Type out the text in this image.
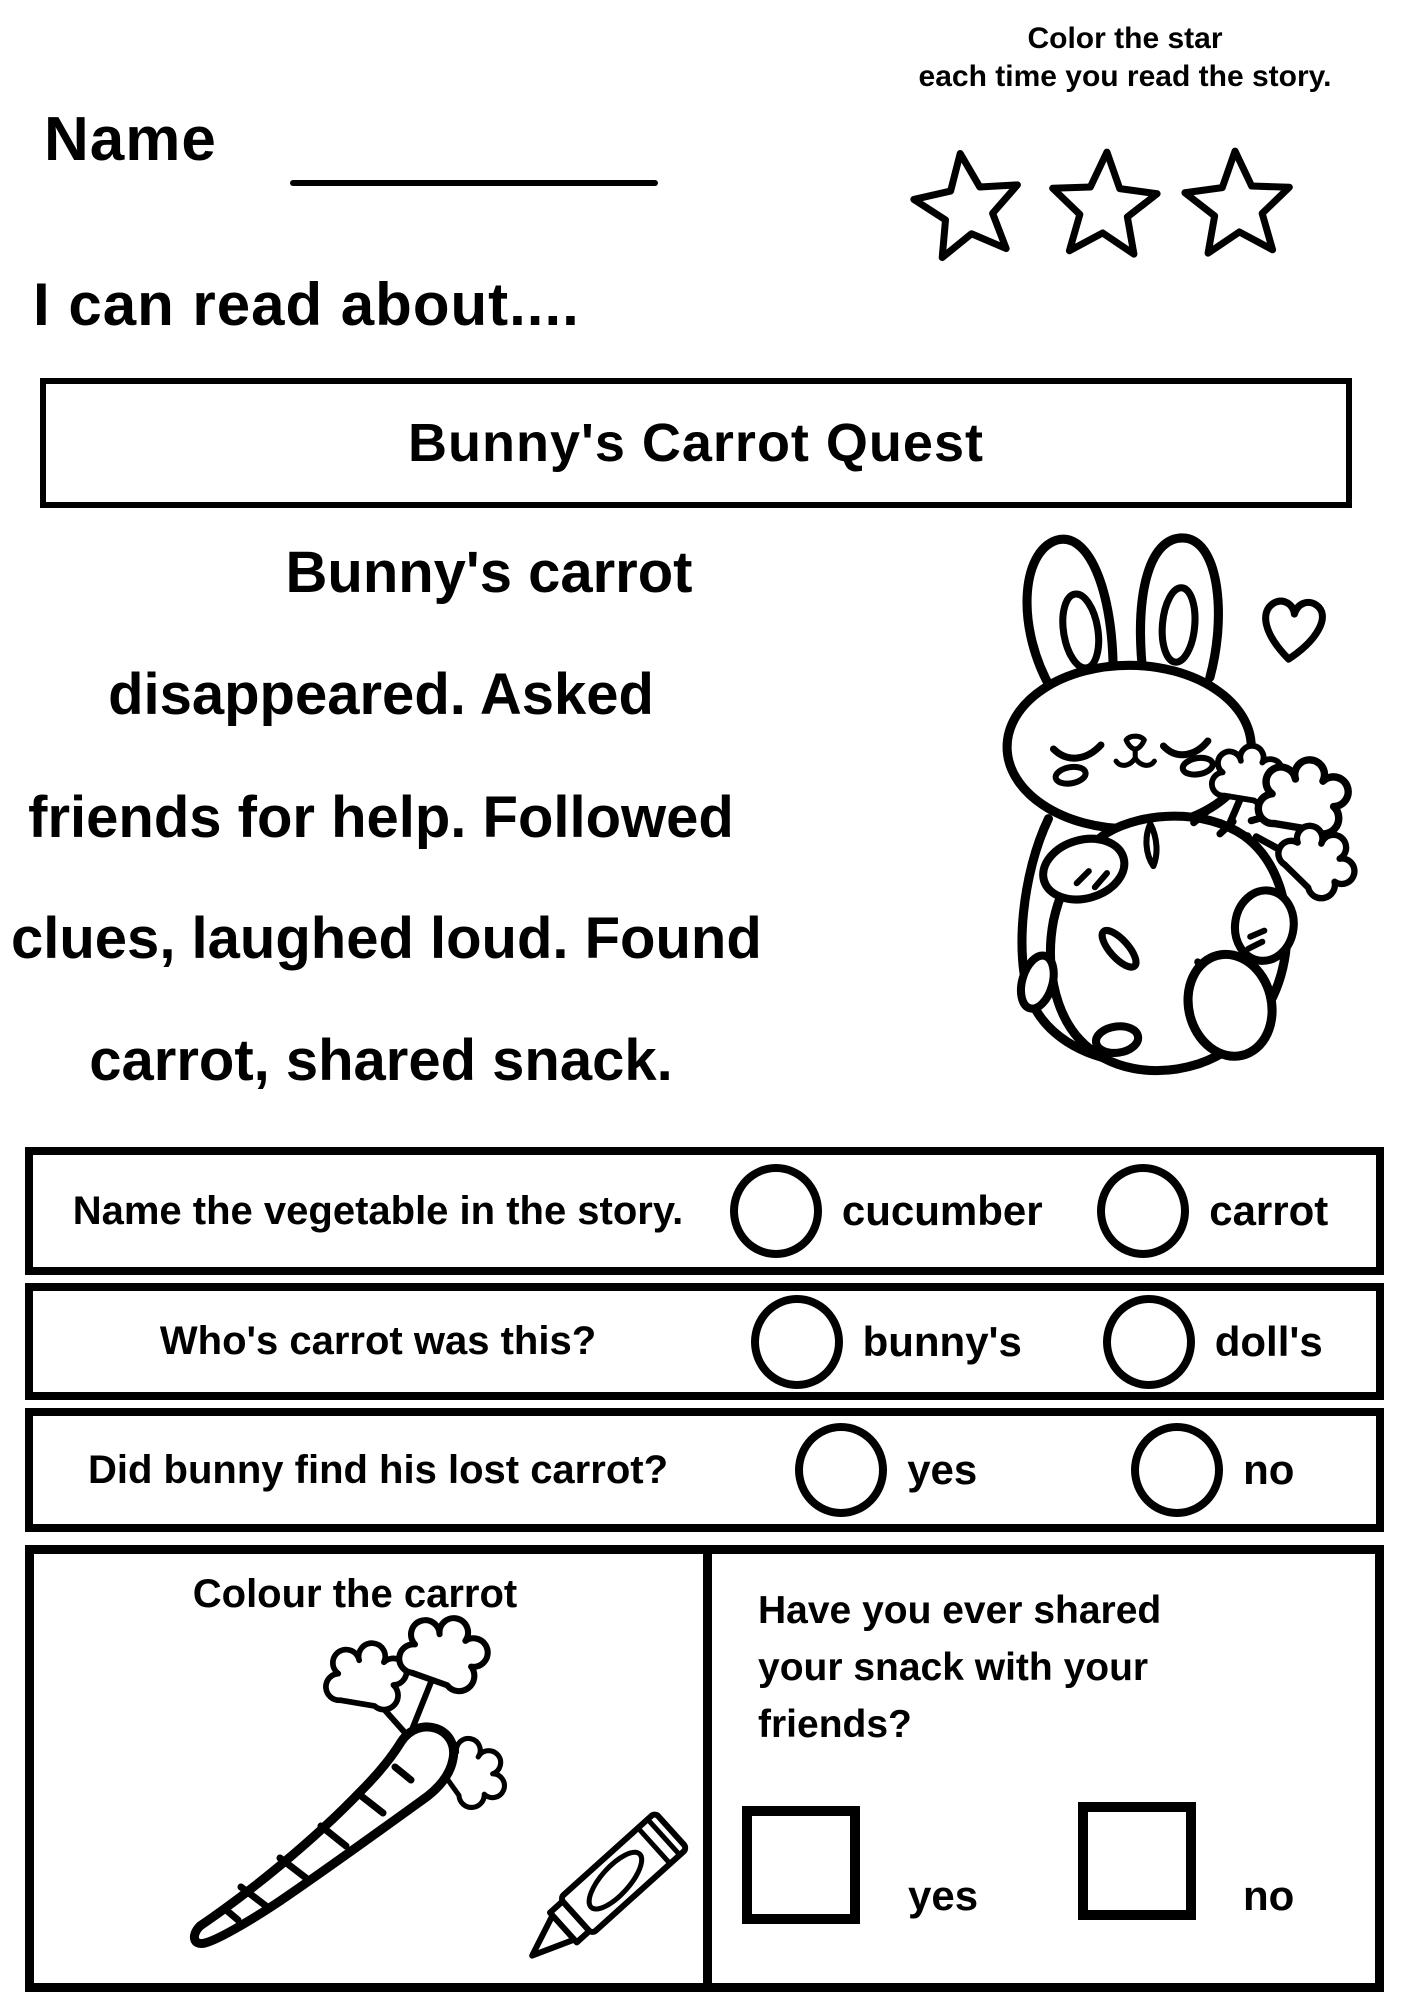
Name
Color the star
each time you read the story.
I can read about....
Bunny's Carrot Quest
Bunny's carrot
disappeared. Asked
friends for help. Followed
clues, laughed loud. Found
carrot, shared snack.
Name the vegetable in the story.	cucumber	carrot
Who's carrot was this?	bunny's	doll's
Did bunny find his lost carrot?	yes	no
Colour the carrot	Have you ever shared
your snack with your
friends?
yes	no
